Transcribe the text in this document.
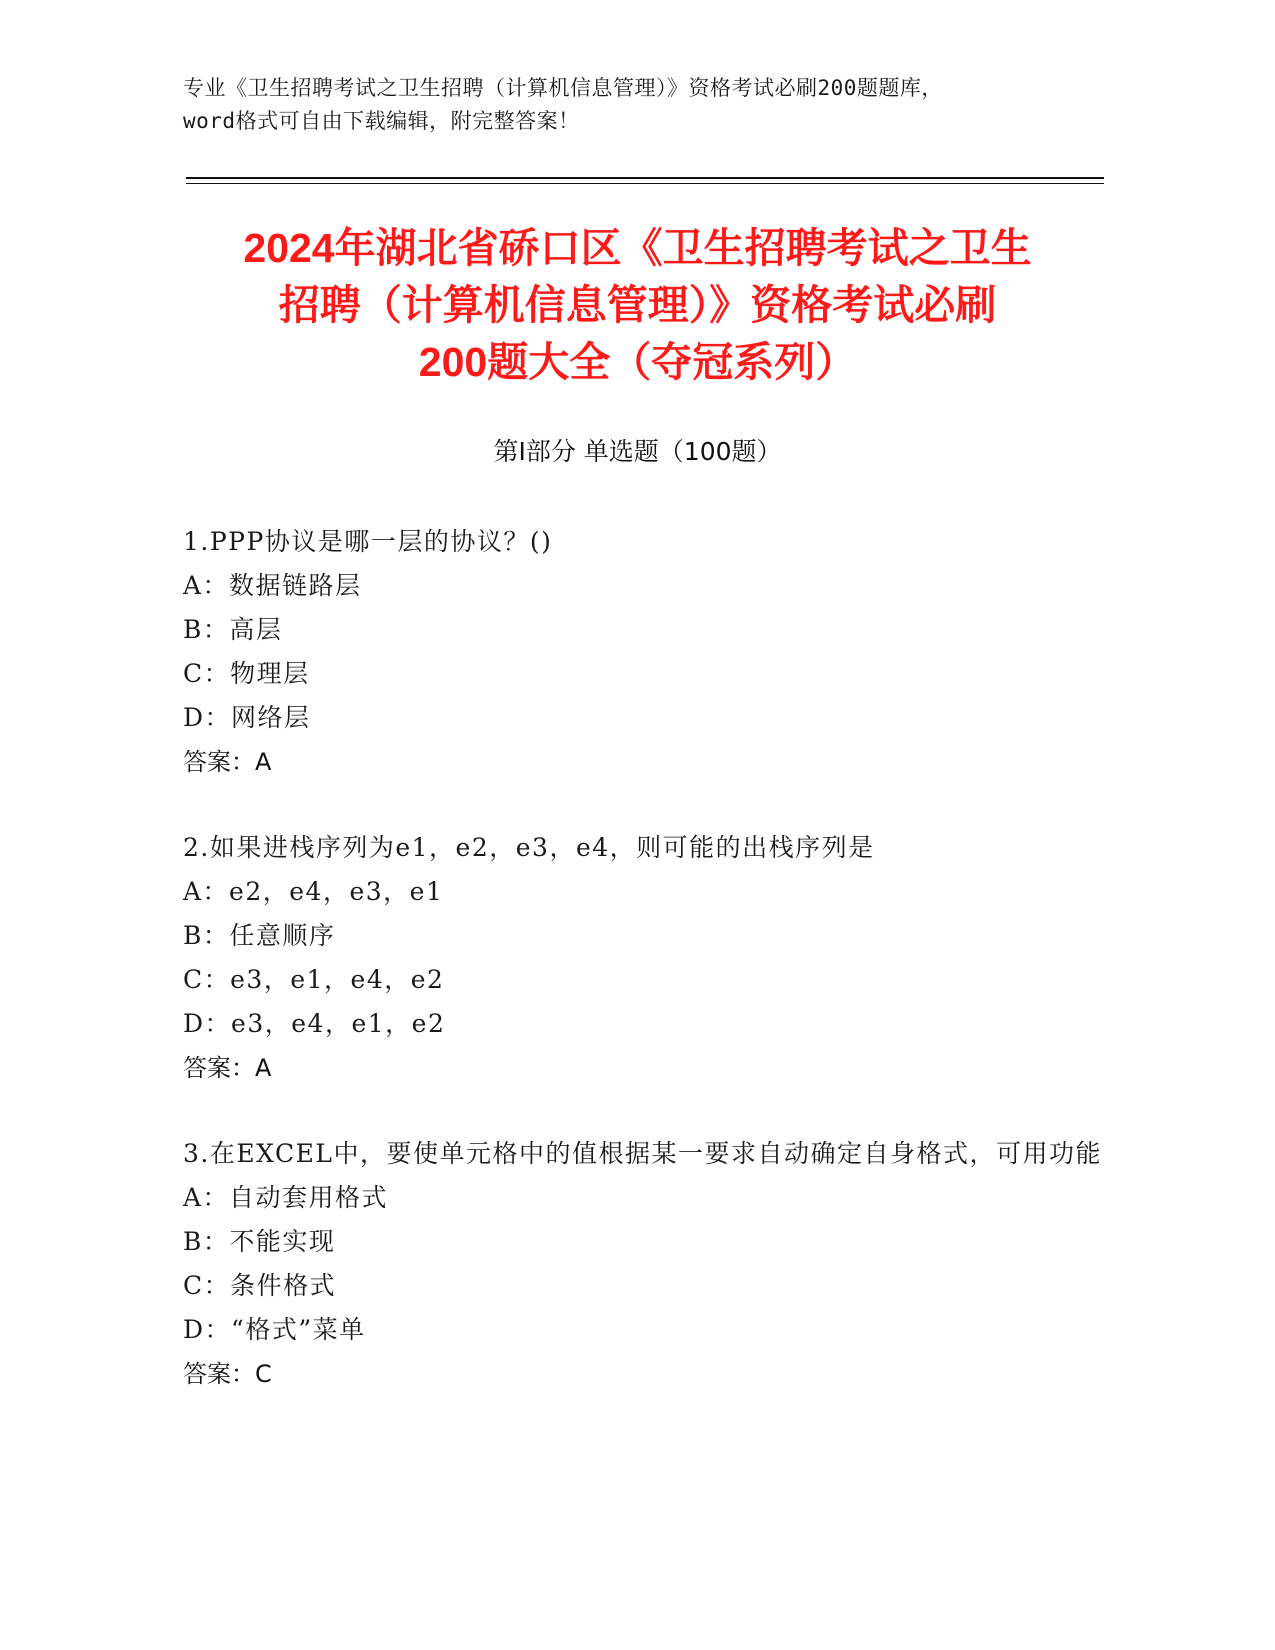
专业《卫生招聘考试之卫生招聘（计算机信息管理）》资格考试必刷200题题库，
word格式可自由下载编辑，附完整答案！
2024年湖北省硚口区《卫生招聘考试之卫生
招聘（计算机信息管理）》资格考试必刷
200题大全（夺冠系列）
第Ⅰ部分 单选题（100题）
1.PPP协议是哪一层的协议？()
A：数据链路层
B：高层
C：物理层
D：网络层
答案：A
2.如果进栈序列为e1，e2，e3，e4，则可能的出栈序列是
A：e2，e4，e3，e1
B：任意顺序
C：e3，e1，e4，e2
D：e3，e4，e1，e2
答案：A
3.在EXCEL中，要使单元格中的值根据某一要求自动确定自身格式，可用功能
A：自动套用格式
B：不能实现
C：条件格式
D：“格式”菜单
答案：C
